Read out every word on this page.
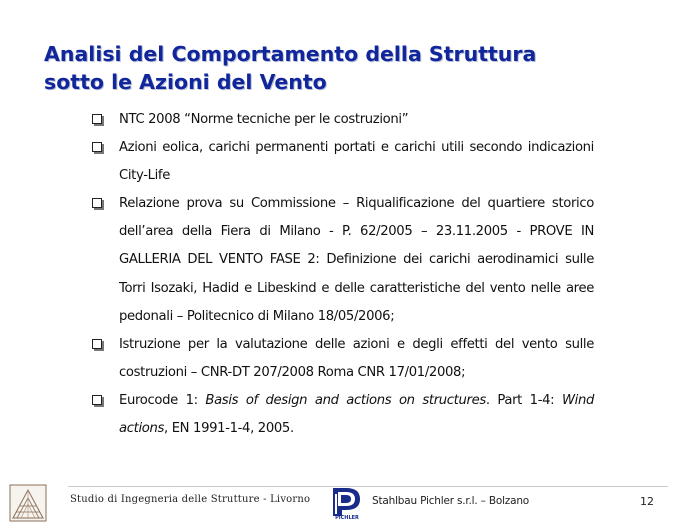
Analisi del Comportamento della Struttura
sotto le Azioni del Vento
NTC 2008 “Norme tecniche per le costruzioni”
Azioni eolica, carichi permanenti portati e carichi utili secondo indicazioni City-Life
Relazione prova su Commissione – Riqualificazione del quartiere storico dell’area della Fiera di Milano - P. 62/2005 – 23.11.2005 - PROVE IN GALLERIA DEL VENTO FASE 2: Definizione dei carichi aerodinamici sulle Torri Isozaki, Hadid e Libeskind e delle caratteristiche del vento nelle aree pedonali – Politecnico di Milano 18/05/2006;
Istruzione per la valutazione delle azioni e degli effetti del vento sulle costruzioni – CNR-DT 207/2008 Roma CNR 17/01/2008;
Eurocode 1: Basis of design and actions on structures. Part 1-4: Wind actions, EN 1991-1-4, 2005.
Studio di Ingegneria delle Strutture - Livorno
PICHLER
Stahlbau Pichler s.r.l. – Bolzano	12
